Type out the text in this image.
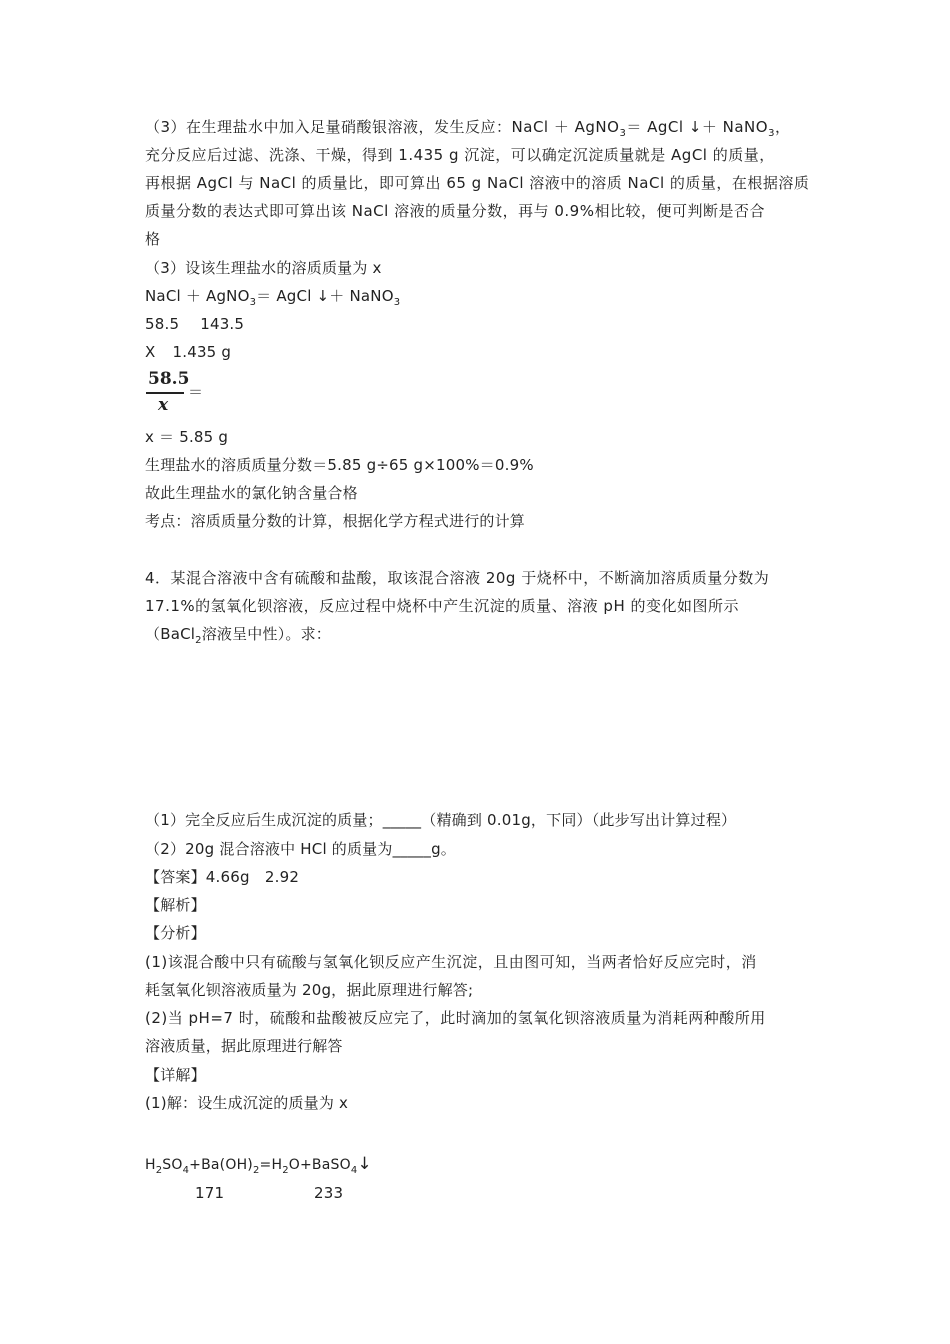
（3）在生理盐水中加入足量硝酸银溶液，发生反应：NaCl ＋ AgNO$_3$＝ AgCl ↓＋ NaNO$_3$，
充分反应后过滤、洗涤、干燥，得到 1.435 g 沉淀，可以确定沉淀质量就是 AgCl 的质量，
再根据 AgCl 与 NaCl 的质量比，即可算出 65 g NaCl 溶液中的溶质 NaCl 的质量，在根据溶质
质量分数的表达式即可算出该 NaCl 溶液的质量分数，再与 0.9%相比较，便可判断是否合
格
（3）设该生理盐水的溶质质量为 x
NaCl ＋ AgNO$_3$＝ AgCl ↓＋ NaNO$_3$
58.5 143.5
X 1.435 g
58.5
x
＝
x ＝ 5.85 g
生理盐水的溶质质量分数＝5.85 g÷65 g×100%＝0.9%
故此生理盐水的氯化钠含量合格
考点：溶质质量分数的计算，根据化学方程式进行的计算
4．某混合溶液中含有硫酸和盐酸，取该混合溶液 20g 于烧杯中，不断滴加溶质质量分数为
17.1%的氢氧化钡溶液，反应过程中烧杯中产生沉淀的质量、溶液 pH 的变化如图所示
（BaCl$_2$溶液呈中性）。求：
（1）完全反应后生成沉淀的质量；_____（精确到 0.01g，下同）（此步写出计算过程）
（2）20g 混合溶液中 HCl 的质量为_____g。
【答案】4.66g　2.92
【解析】
【分析】
(1)该混合酸中只有硫酸与氢氧化钡反应产生沉淀，且由图可知，当两者恰好反应完时，消
耗氢氧化钡溶液质量为 20g，据此原理进行解答;
(2)当 pH=7 时，硫酸和盐酸被反应完了，此时滴加的氢氧化钡溶液质量为消耗两种酸所用
溶液质量，据此原理进行解答
【详解】
(1)解：设生成沉淀的质量为 x
$H_2SO_4+Ba(OH)_2=H_2O+BaSO_4↓$
171	233
